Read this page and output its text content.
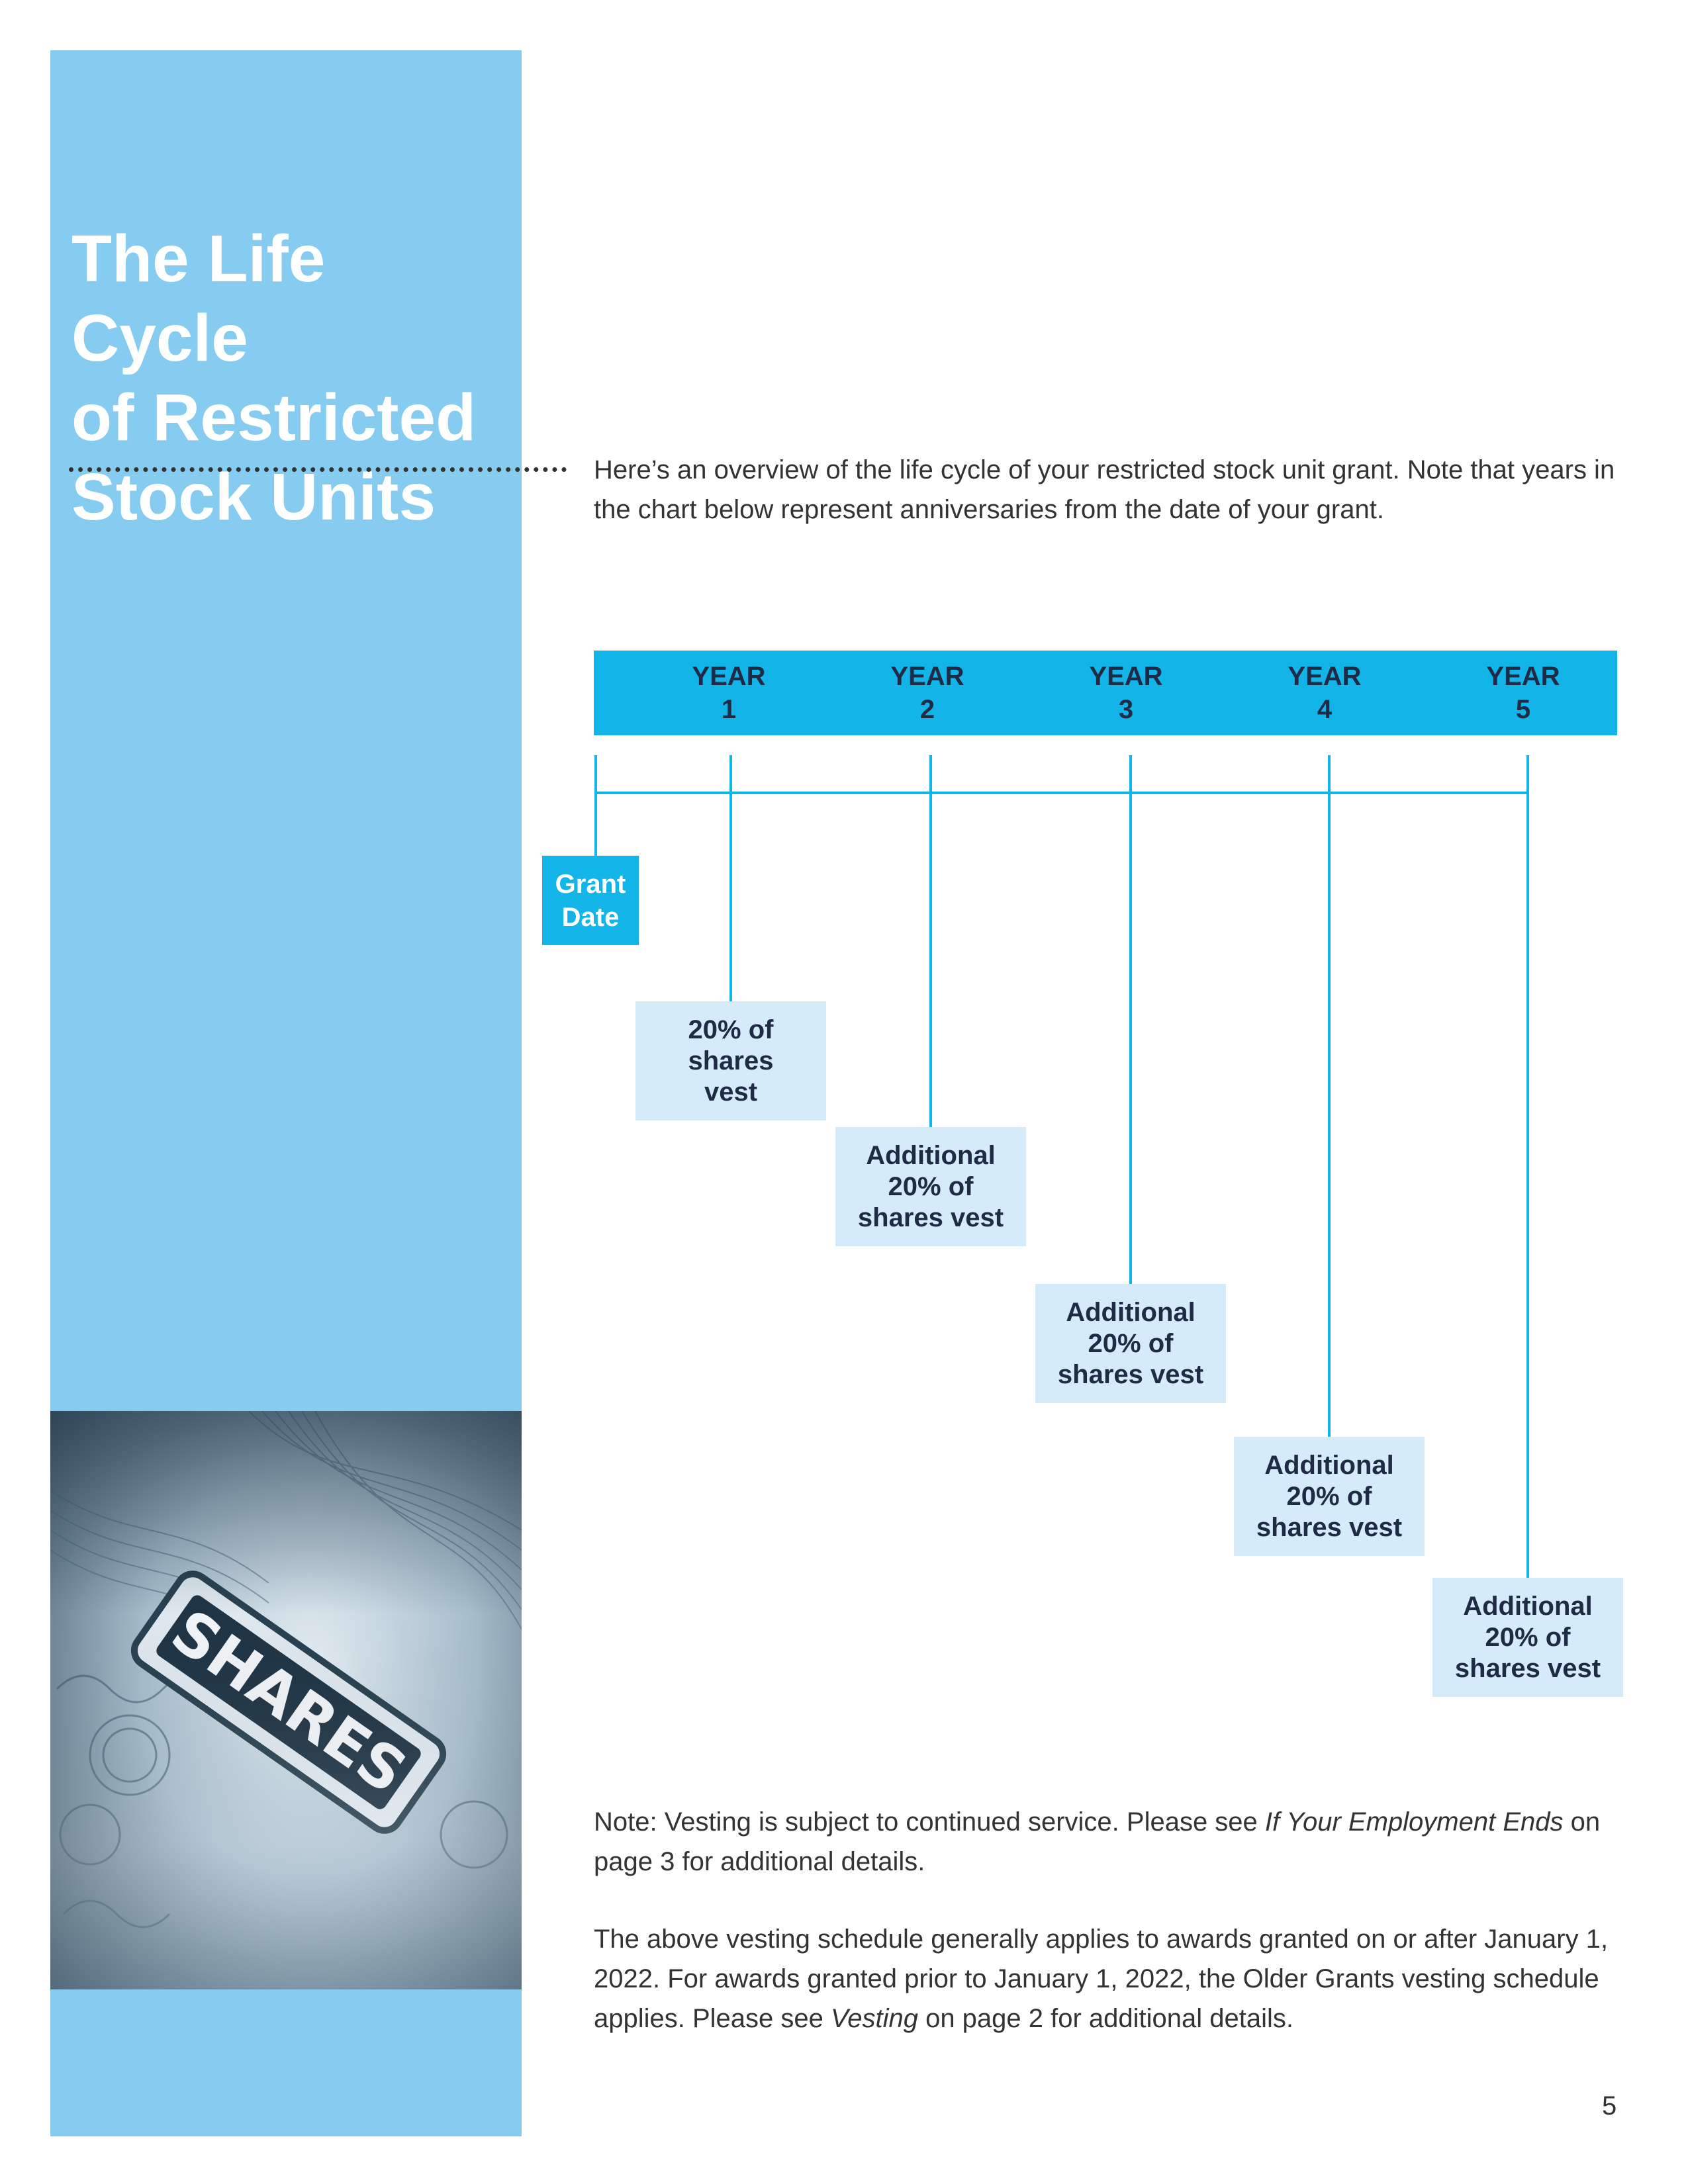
The Life Cycle
of Restricted
Stock Units	Here’s an overview of the life cycle of your restricted stock unit grant. Note that years in the chart below represent anniversaries from the date of your grant.

YEAR
1
YEAR
2
YEAR
3
YEAR
4
YEAR
5
Grant
Date
20% of
shares
vest
Additional
20% of
shares vest
Additional
20% of
shares vest
Additional
20% of
shares vest
Additional
20% of
shares vest

Note: Vesting is subject to continued service. Please see If Your Employment Ends on page 3 for additional details.

The above vesting schedule generally applies to awards granted on or after January 1, 2022. For awards granted prior to January 1, 2022, the Older Grants vesting schedule applies. Please see Vesting on page 2 for additional details.

5
